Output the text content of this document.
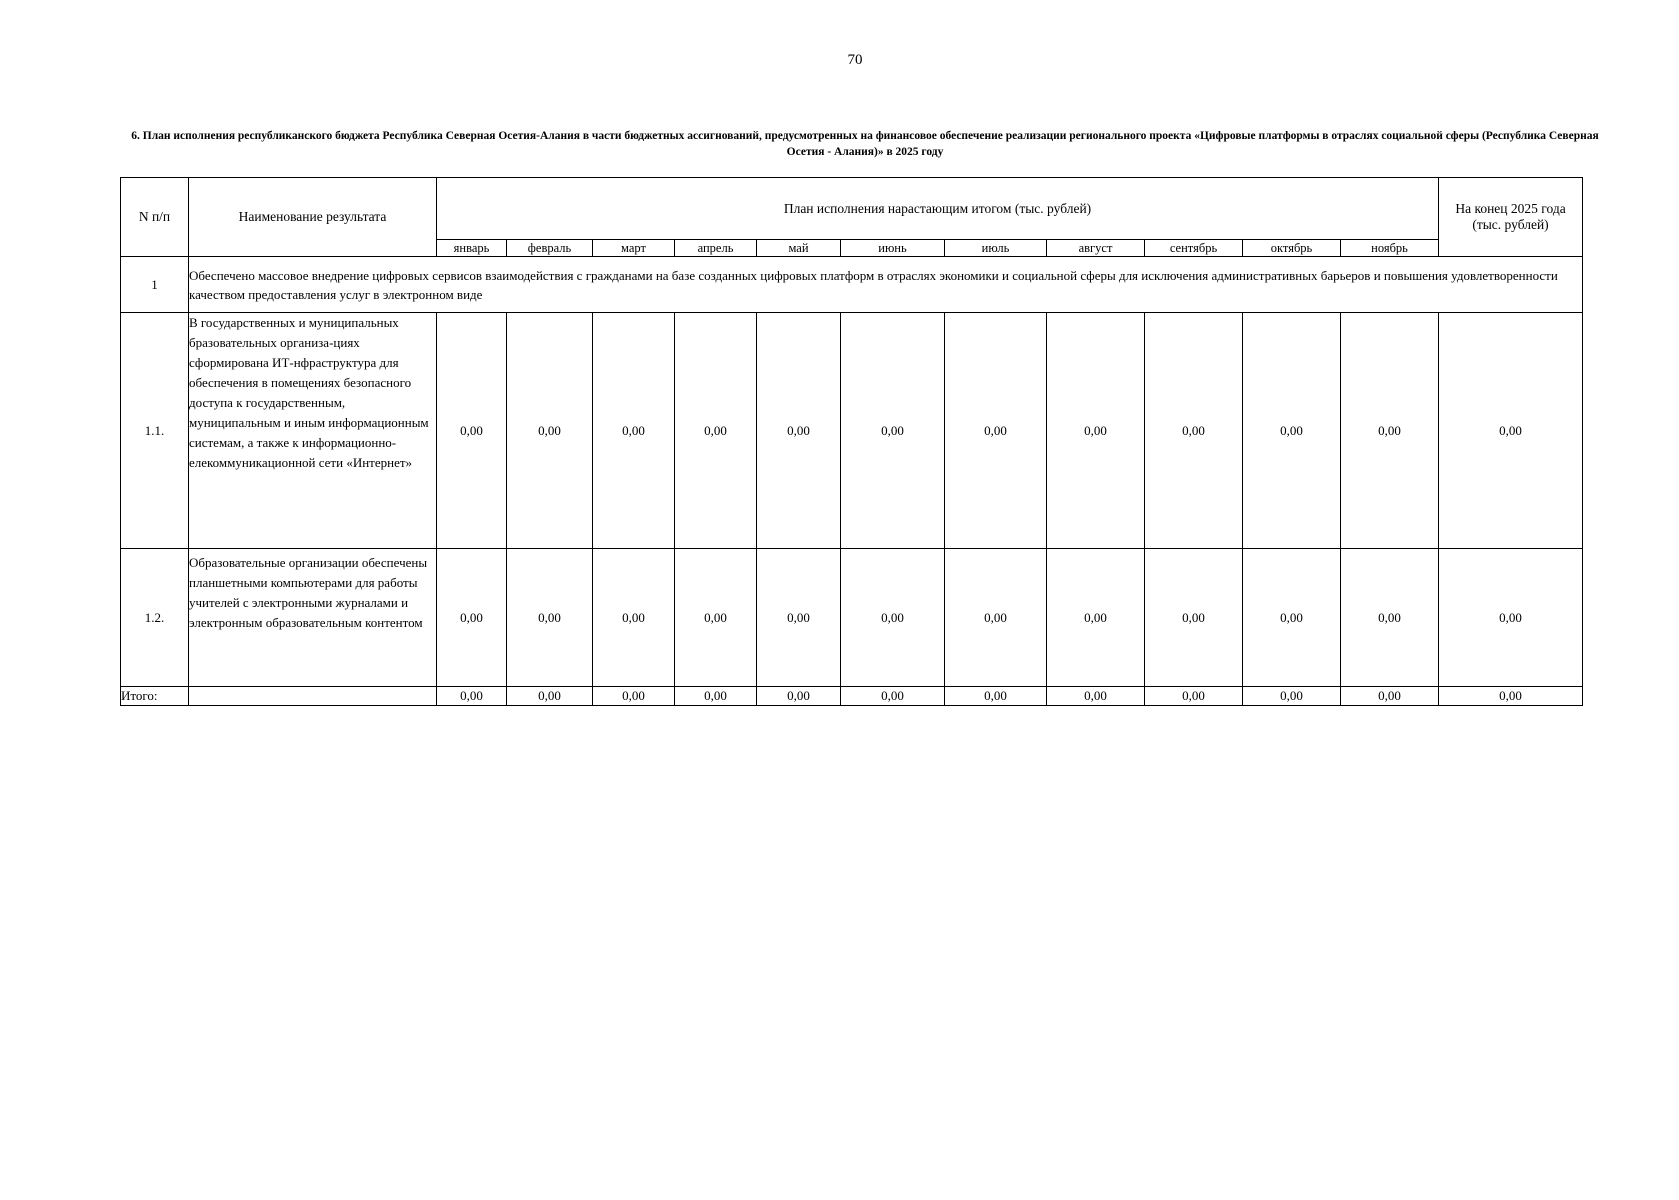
70
6. План исполнения республиканского бюджета Республика Северная Осетия-Алания в части бюджетных ассигнований, предусмотренных на финансовое обеспечение реализации регионального проекта «Цифровые платформы в отраслях социальной сферы (Республика Северная Осетия - Алания)» в 2025 году
N п/п	Наименование результата	План исполнения нарастающим итогом (тыс. рублей)											На конец 2025 года (тыс. рублей)
		январь	февраль	март	апрель	май	июнь	июль	август	сентябрь	октябрь	ноябрь	
1	Обеспечено массовое внедрение цифровых сервисов взаимодействия с гражданами на базе созданных цифровых платформ в отраслях экономики и социальной сферы для исключения административных барьеров и повышения удовлетворенности качеством предоставления услуг в электронном виде												
1.1.	В государственных и муниципальных бразовательных организа-циях сформирована ИТ-нфраструктура для обеспечения в помещениях безопасного доступа к государственным, муниципальным и иным информационным системам, а также к информационно-елекоммуникационной сети «Интернет»	0,00	0,00	0,00	0,00	0,00	0,00	0,00	0,00	0,00	0,00	0,00	0,00
1.2.	Образовательные организации обеспечены планшетными компьютерами для работы учителей с электронными журналами и электронным образовательным контентом	0,00	0,00	0,00	0,00	0,00	0,00	0,00	0,00	0,00	0,00	0,00	0,00
Итого:		0,00	0,00	0,00	0,00	0,00	0,00	0,00	0,00	0,00	0,00	0,00	0,00
